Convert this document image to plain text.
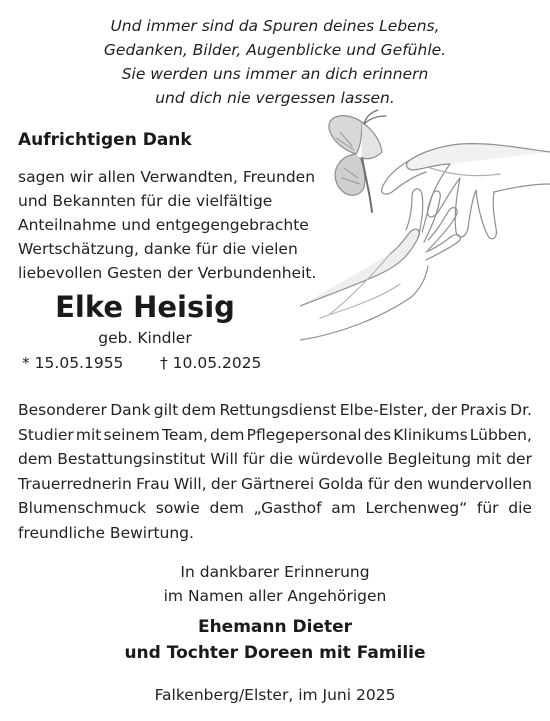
Und immer sind da Spuren deines Lebens,
Gedanken, Bilder, Augenblicke und Gefühle.
Sie werden uns immer an dich erinnern
und dich nie vergessen lassen.
Aufrichtigen Dank
sagen wir allen Verwandten, Freunden
und Bekannten für die vielfältige
Anteilnahme und entgegengebrachte
Wertschätzung, danke für die vielen
liebevollen Gesten der Verbundenheit.
Elke Heisig
geb. Kindler
* 15.05.1955 † 10.05.2025
Besonderer Dank gilt dem Rettungsdienst Elbe-Elster, der Praxis Dr.
Studier mit seinem Team, dem Pflegepersonal des Klinikums Lübben,
dem Bestattungsinstitut Will für die würdevolle Begleitung mit der
Trauerrednerin Frau Will, der Gärtnerei Golda für den wundervollen
Blumenschmuck sowie dem „Gasthof am Lerchenweg“ für die
freundliche Bewirtung.
In dankbarer Erinnerung
im Namen aller Angehörigen
Ehemann Dieter
und Tochter Doreen mit Familie
Falkenberg/Elster, im Juni 2025
